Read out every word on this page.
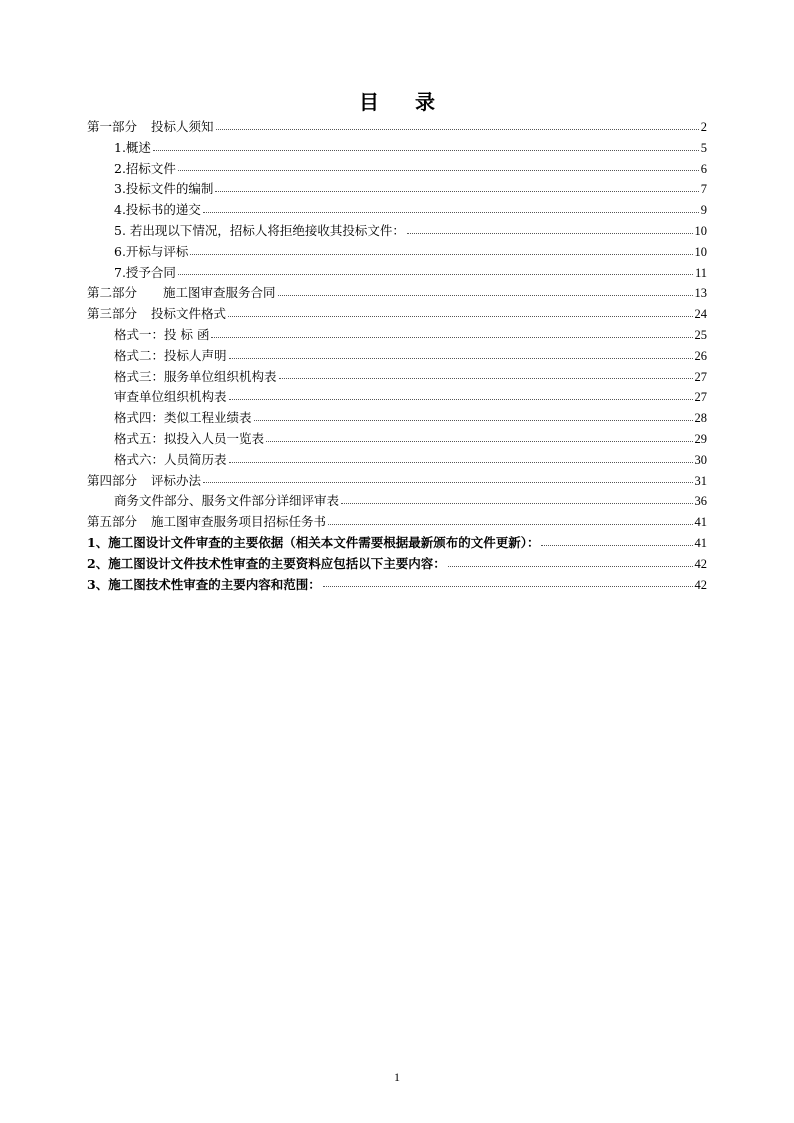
目 录
第一部分 投标人须知	2
1.概述	5
2.招标文件	6
3.投标文件的编制	7
4.投标书的递交	9
5. 若出现以下情况，招标人将拒绝接收其投标文件：	10
6.开标与评标	10
7.授予合同	11
第二部分 施工图审查服务合同	13
第三部分 投标文件格式	24
格式一：投 标 函	25
格式二：投标人声明	26
格式三：服务单位组织机构表	27
审查单位组织机构表	27
格式四：类似工程业绩表	28
格式五：拟投入人员一览表	29
格式六：人员简历表	30
第四部分 评标办法	31
商务文件部分、服务文件部分详细评审表	36
第五部分 施工图审查服务项目招标任务书	41
1、施工图设计文件审查的主要依据（相关本文件需要根据最新颁布的文件更新）：	41
2、施工图设计文件技术性审查的主要资料应包括以下主要内容：	42
3、施工图技术性审查的主要内容和范围：	42
1
